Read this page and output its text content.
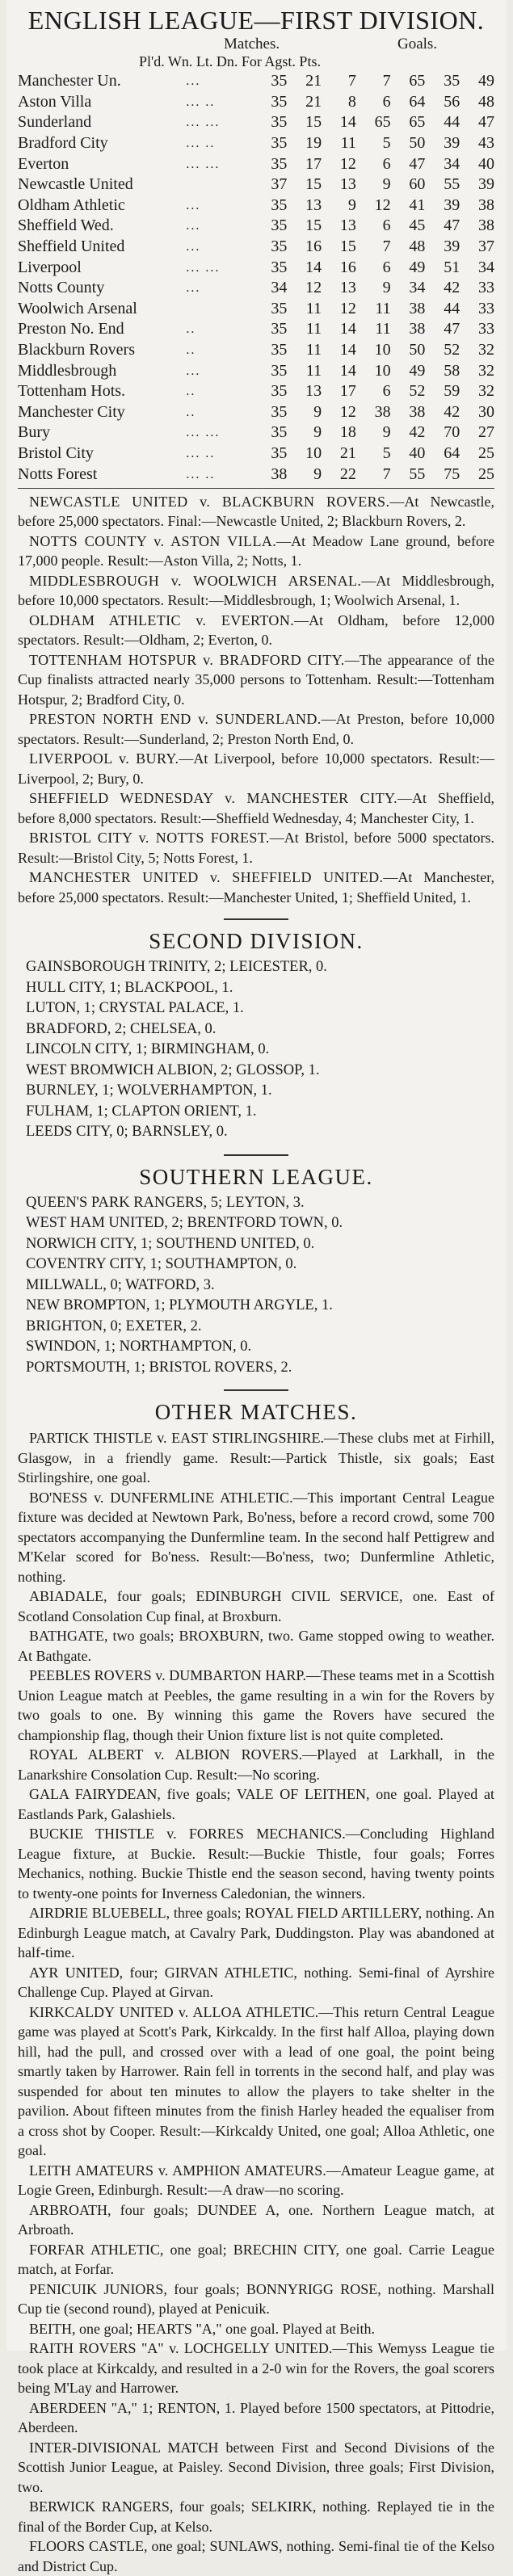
ENGLISH LEAGUE—FIRST DIVISION.
Matches.	Goals.
Pl'd. Wn. Lt. Dn. For Agst. Pts.
Manchester Un.	...	35	21	7	7	65	35	49
Aston Villa	... ..	35	21	8	6	64	56	48
Sunderland	... ...	35	15	14	65	65	44	47
Bradford City	... ..	35	19	11	5	50	39	43
Everton	... ...	35	17	12	6	47	34	40
Newcastle United		37	15	13	9	60	55	39
Oldham Athletic	...	35	13	9	12	41	39	38
Sheffield Wed.	...	35	15	13	6	45	47	38
Sheffield United	...	35	16	15	7	48	39	37
Liverpool	... ...	35	14	16	6	49	51	34
Notts County	...	34	12	13	9	34	42	33
Woolwich Arsenal		35	11	12	11	38	44	33
Preston No. End	..	35	11	14	11	38	47	33
Blackburn Rovers	..	35	11	14	10	50	52	32
Middlesbrough	...	35	11	14	10	49	58	32
Tottenham Hots.	..	35	13	17	6	52	59	32
Manchester City	..	35	9	12	38	38	42	30
Bury	... ...	35	9	18	9	42	70	27
Bristol City	... ..	35	10	21	5	40	64	25
Notts Forest	... ..	38	9	22	7	55	75	25

NEWCASTLE UNITED v. BLACKBURN ROVERS.—At Newcastle, before 25,000 spectators. Final:—Newcastle United, 2; Blackburn Rovers, 2.

NOTTS COUNTY v. ASTON VILLA.—At Meadow Lane ground, before 17,000 people. Result:—Aston Villa, 2; Notts, 1.

MIDDLESBROUGH v. WOOLWICH ARSENAL.—At Middlesbrough, before 10,000 spectators. Result:—Middlesbrough, 1; Woolwich Arsenal, 1.

OLDHAM ATHLETIC v. EVERTON.—At Oldham, before 12,000 spectators. Result:—Oldham, 2; Everton, 0.

TOTTENHAM HOTSPUR v. BRADFORD CITY.—The appearance of the Cup finalists attracted nearly 35,000 persons to Tottenham. Result:—Tottenham Hotspur, 2; Bradford City, 0.

PRESTON NORTH END v. SUNDERLAND.—At Preston, before 10,000 spectators. Result:—Sunderland, 2; Preston North End, 0.

LIVERPOOL v. BURY.—At Liverpool, before 10,000 spectators. Result:—Liverpool, 2; Bury, 0.

SHEFFIELD WEDNESDAY v. MANCHESTER CITY.—At Sheffield, before 8,000 spectators. Result:—Sheffield Wednesday, 4; Manchester City, 1.

BRISTOL CITY v. NOTTS FOREST.—At Bristol, before 5000 spectators. Result:—Bristol City, 5; Notts Forest, 1.

MANCHESTER UNITED v. SHEFFIELD UNITED.—At Manchester, before 25,000 spectators. Result:—Manchester United, 1; Sheffield United, 1.

SECOND DIVISION.
GAINSBOROUGH TRINITY, 2; LEICESTER, 0.
HULL CITY, 1; BLACKPOOL, 1.
LUTON, 1; CRYSTAL PALACE, 1.
BRADFORD, 2; CHELSEA, 0.
LINCOLN CITY, 1; BIRMINGHAM, 0.
WEST BROMWICH ALBION, 2; GLOSSOP, 1.
BURNLEY, 1; WOLVERHAMPTON, 1.
FULHAM, 1; CLAPTON ORIENT, 1.
LEEDS CITY, 0; BARNSLEY, 0.
SOUTHERN LEAGUE.
QUEEN'S PARK RANGERS, 5; LEYTON, 3.
WEST HAM UNITED, 2; BRENTFORD TOWN, 0.
NORWICH CITY, 1; SOUTHEND UNITED, 0.
COVENTRY CITY, 1; SOUTHAMPTON, 0.
MILLWALL, 0; WATFORD, 3.
NEW BROMPTON, 1; PLYMOUTH ARGYLE, 1.
BRIGHTON, 0; EXETER, 2.
SWINDON, 1; NORTHAMPTON, 0.
PORTSMOUTH, 1; BRISTOL ROVERS, 2.
OTHER MATCHES.

PARTICK THISTLE v. EAST STIRLINGSHIRE.—These clubs met at Firhill, Glasgow, in a friendly game. Result:—Partick Thistle, six goals; East Stirlingshire, one goal.

BO'NESS v. DUNFERMLINE ATHLETIC.—This important Central League fixture was decided at Newtown Park, Bo'ness, before a record crowd, some 700 spectators accompanying the Dunfermline team. In the second half Pettigrew and M'Kelar scored for Bo'ness. Result:—Bo'ness, two; Dunfermline Athletic, nothing.

ABIADALE, four goals; EDINBURGH CIVIL SERVICE, one. East of Scotland Consolation Cup final, at Broxburn.

BATHGATE, two goals; BROXBURN, two. Game stopped owing to weather. At Bathgate.

PEEBLES ROVERS v. DUMBARTON HARP.—These teams met in a Scottish Union League match at Peebles, the game resulting in a win for the Rovers by two goals to one. By winning this game the Rovers have secured the championship flag, though their Union fixture list is not quite completed.

ROYAL ALBERT v. ALBION ROVERS.—Played at Larkhall, in the Lanarkshire Consolation Cup. Result:—No scoring.

GALA FAIRYDEAN, five goals; VALE OF LEITHEN, one goal. Played at Eastlands Park, Galashiels.

BUCKIE THISTLE v. FORRES MECHANICS.—Concluding Highland League fixture, at Buckie. Result:—Buckie Thistle, four goals; Forres Mechanics, nothing. Buckie Thistle end the season second, having twenty points to twenty-one points for Inverness Caledonian, the winners.

AIRDRIE BLUEBELL, three goals; ROYAL FIELD ARTILLERY, nothing. An Edinburgh League match, at Cavalry Park, Duddingston. Play was abandoned at half-time.

AYR UNITED, four; GIRVAN ATHLETIC, nothing. Semi-final of Ayrshire Challenge Cup. Played at Girvan.

KIRKCALDY UNITED v. ALLOA ATHLETIC.—This return Central League game was played at Scott's Park, Kirkcaldy. In the first half Alloa, playing down hill, had the pull, and crossed over with a lead of one goal, the point being smartly taken by Harrower. Rain fell in torrents in the second half, and play was suspended for about ten minutes to allow the players to take shelter in the pavilion. About fifteen minutes from the finish Harley headed the equaliser from a cross shot by Cooper. Result:—Kirkcaldy United, one goal; Alloa Athletic, one goal.

LEITH AMATEURS v. AMPHION AMATEURS.—Amateur League game, at Logie Green, Edinburgh. Result:—A draw—no scoring.

ARBROATH, four goals; DUNDEE A, one. Northern League match, at Arbroath.

FORFAR ATHLETIC, one goal; BRECHIN CITY, one goal. Carrie League match, at Forfar.

PENICUIK JUNIORS, four goals; BONNYRIGG ROSE, nothing. Marshall Cup tie (second round), played at Penicuik.

BEITH, one goal; HEARTS "A," one goal. Played at Beith.

RAITH ROVERS "A" v. LOCHGELLY UNITED.—This Wemyss League tie took place at Kirkcaldy, and resulted in a 2-0 win for the Rovers, the goal scorers being M'Lay and Harrower.

ABERDEEN "A," 1; RENTON, 1. Played before 1500 spectators, at Pittodrie, Aberdeen.

INTER-DIVISIONAL MATCH between First and Second Divisions of the Scottish Junior League, at Paisley. Second Division, three goals; First Division, two.

BERWICK RANGERS, four goals; SELKIRK, nothing. Replayed tie in the final of the Border Cup, at Kelso.

FLOORS CASTLE, one goal; SUNLAWS, nothing. Semi-final tie of the Kelso and District Cup.
